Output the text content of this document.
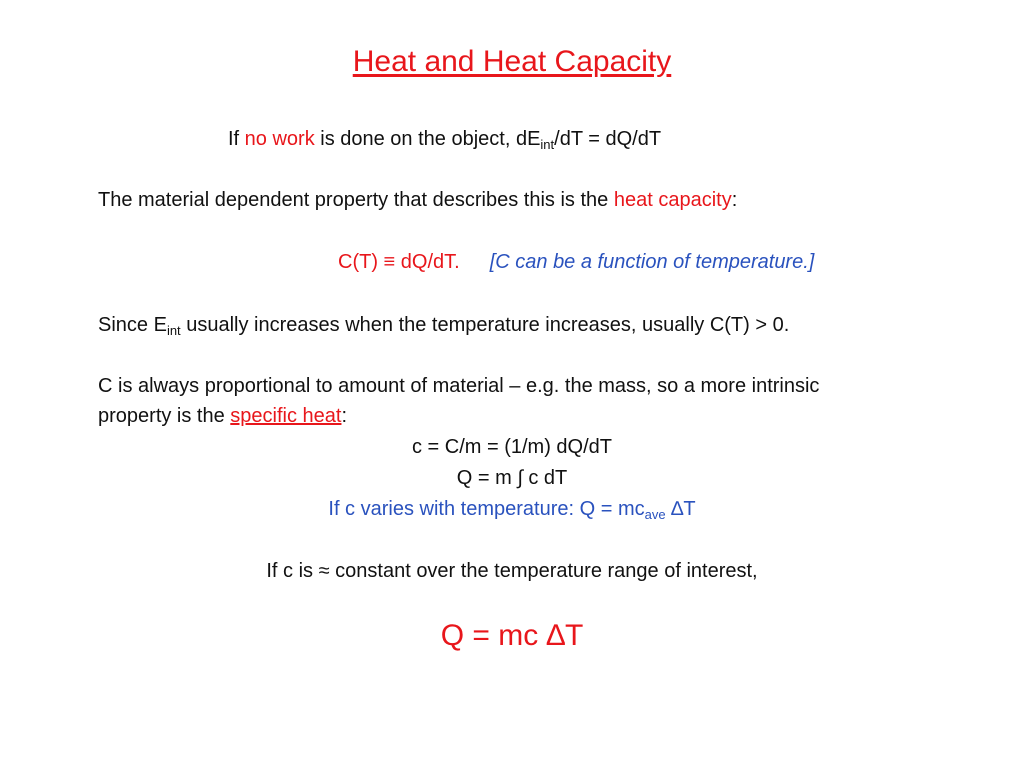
Heat and Heat Capacity
If no work is done on the object, $dE_{int}/dT = dQ/dT$
The material dependent property that describes this is the heat capacity:
C(T) ≡ dQ/dT. [C can be a function of temperature.]
Since $E_{int}$ usually increases when the temperature increases, usually C(T) > 0.
C is always proportional to amount of material – e.g. the mass, so a more intrinsic
property is the specific heat:
c = C/m = (1/m) dQ/dT
Q = m ∫ c dT
If c varies with temperature: $Q = mc_{ave}$ ∆T
If c is ≈ constant over the temperature range of interest,
Q = mc ∆T
